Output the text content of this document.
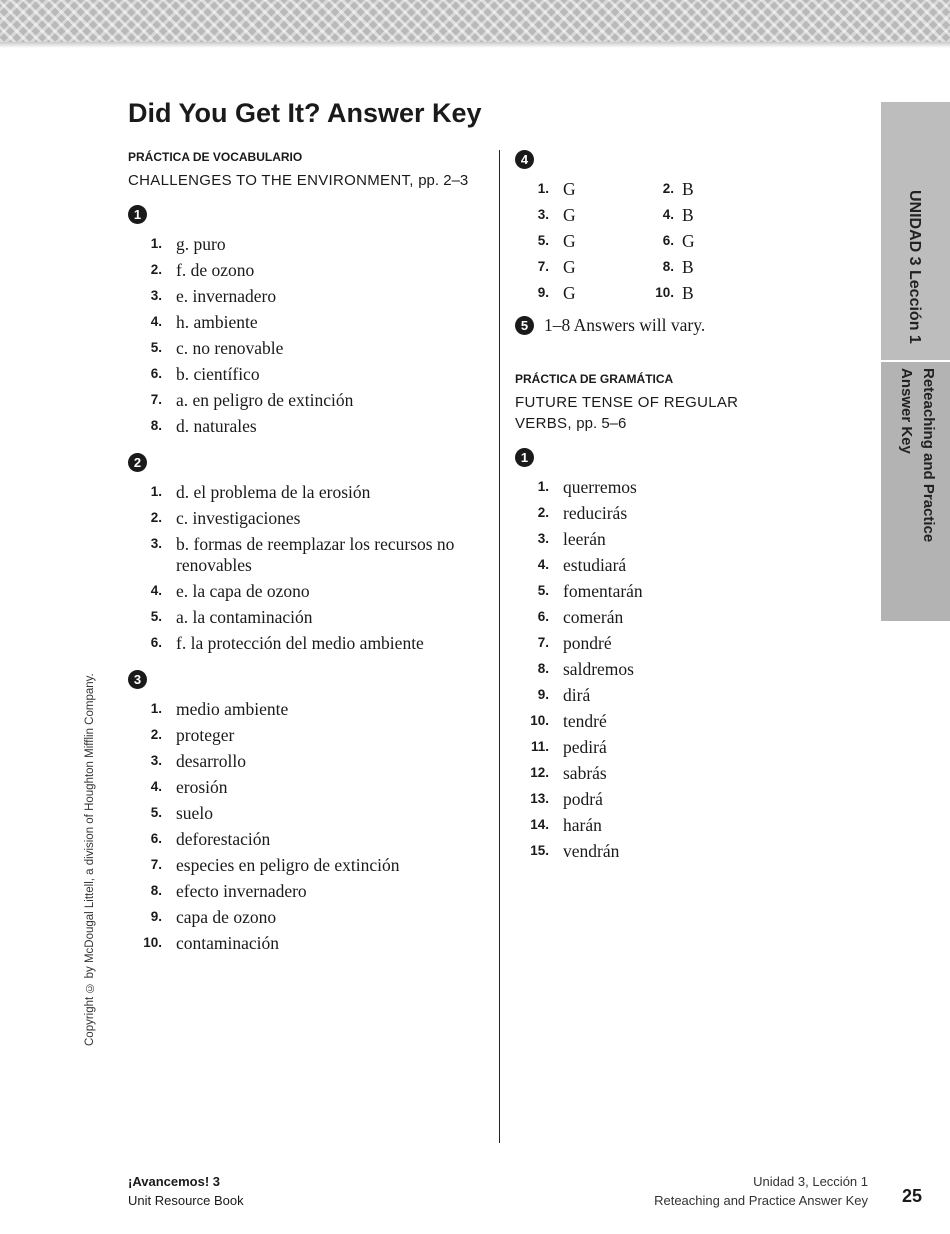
Did You Get It? Answer Key
PRÁCTICA DE VOCABULARIO
CHALLENGES TO THE ENVIRONMENT, pp. 2–3
1
1. g. puro
2. f. de ozono
3. e. invernadero
4. h. ambiente
5. c. no renovable
6. b. científico
7. a. en peligro de extinción
8. d. naturales
2
1. d. el problema de la erosión
2. c. investigaciones
3. b. formas de reemplazar los recursos no renovables
4. e. la capa de ozono
5. a. la contaminación
6. f. la protección del medio ambiente
3
1. medio ambiente
2. proteger
3. desarrollo
4. erosión
5. suelo
6. deforestación
7. especies en peligro de extinción
8. efecto invernadero
9. capa de ozono
10. contaminación
4
1. G	2. B
3. G	4. B
5. G	6. G
7. G	8. B
9. G	10. B
5 1–8 Answers will vary.
PRÁCTICA DE GRAMÁTICA
FUTURE TENSE OF REGULAR VERBS, pp. 5–6
1
1. querremos
2. reducirás
3. leerán
4. estudiará
5. fomentarán
6. comerán
7. pondré
8. saldremos
9. dirá
10. tendré
11. pedirá
12. sabrás
13. podrá
14. harán
15. vendrán
UNIDAD 3 Lección 1
Reteaching and Practice
Answer Key
Copyright © by McDougal Littell, a division of Houghton Mifflin Company.
¡Avancemos! 3
Unit Resource Book
Unidad 3, Lección 1
Reteaching and Practice Answer Key 25
